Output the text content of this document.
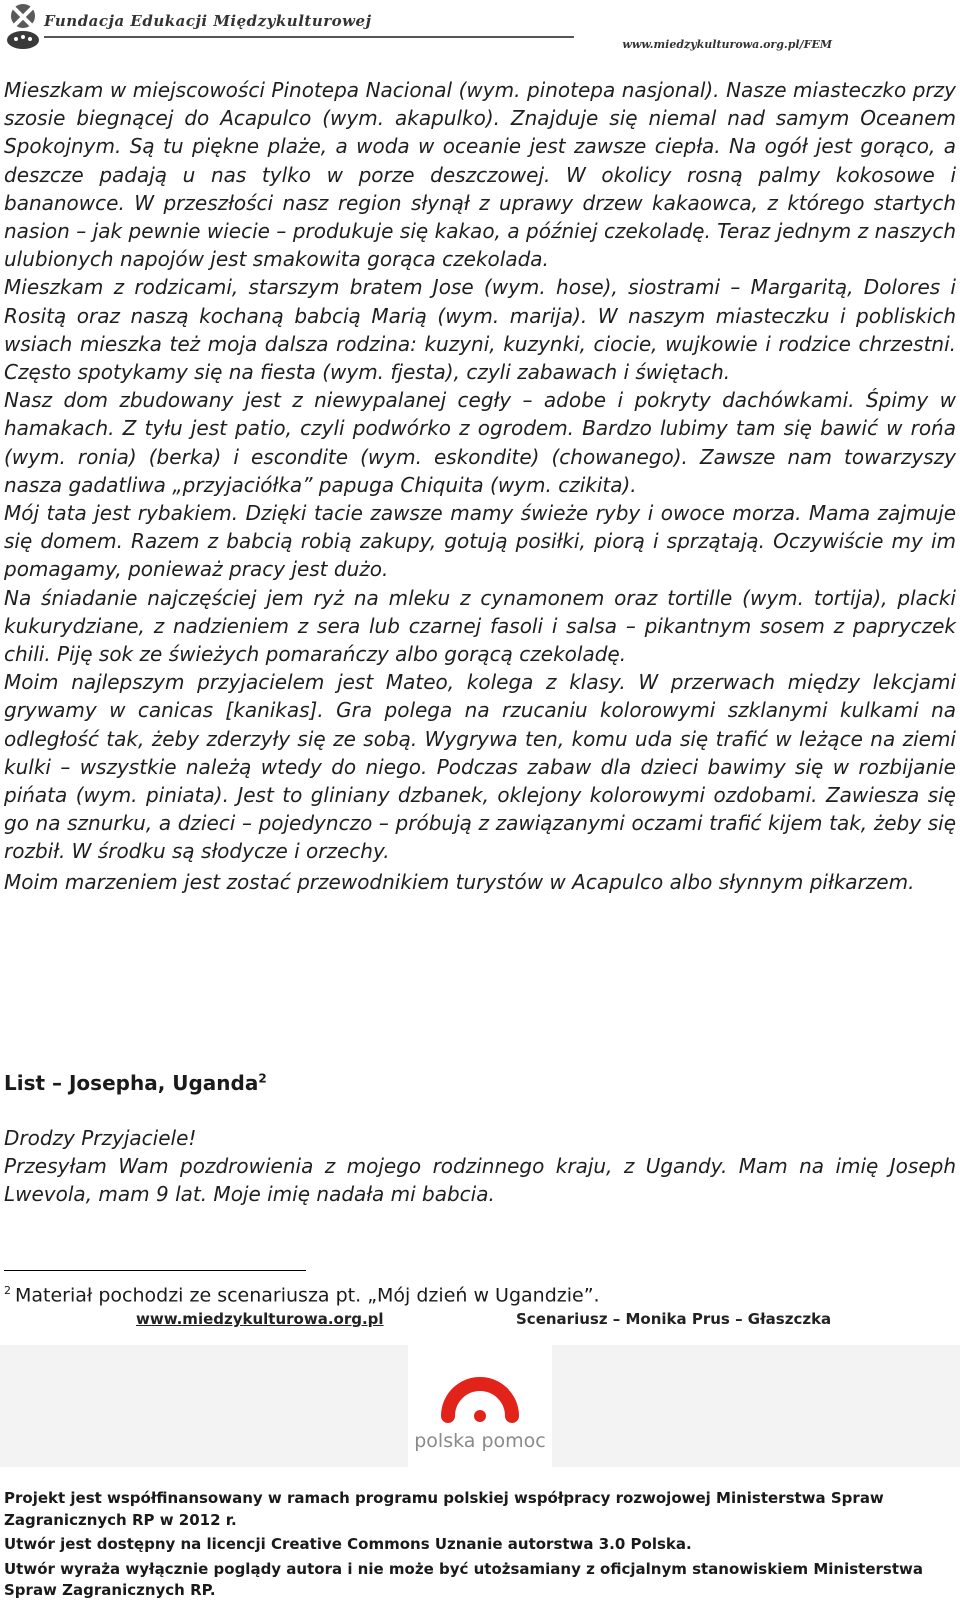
Fundacja Edukacji Międzykulturowej
www.miedzykulturowa.org.pl/FEM

Mieszkam w miejscowości Pinotepa Nacional (wym. pinotepa nasjonal). Nasze miasteczko przy szosie biegnącej do Acapulco (wym. akapulko). Znajduje się niemal nad samym Oceanem Spokojnym. Są tu piękne plaże, a woda w oceanie jest zawsze ciepła. Na ogół jest gorąco, a deszcze padają u nas tylko w porze deszczowej. W okolicy rosną palmy kokosowe i bananowce. W przeszłości nasz region słynął z uprawy drzew kakaowca, z którego startych nasion – jak pewnie wiecie – produkuje się kakao, a później czekoladę. Teraz jednym z naszych ulubionych napojów jest smakowita gorąca czekolada.

Mieszkam z rodzicami, starszym bratem Jose (wym. hose), siostrami – Margaritą, Dolores i Rositą oraz naszą kochaną babcią Marią (wym. marija). W naszym miasteczku i pobliskich wsiach mieszka też moja dalsza rodzina: kuzyni, kuzynki, ciocie, wujkowie i rodzice chrzestni. Często spotykamy się na fiesta (wym. fjesta), czyli zabawach i świętach.

Nasz dom zbudowany jest z niewypalanej cegły – adobe i pokryty dachówkami. Śpimy w hamakach. Z tyłu jest patio, czyli podwórko z ogrodem. Bardzo lubimy tam się bawić w rońa (wym. ronia) (berka) i escondite (wym. eskondite) (chowanego). Zawsze nam towarzyszy nasza gadatliwa „przyjaciółka” papuga Chiquita (wym. czikita).

Mój tata jest rybakiem. Dzięki tacie zawsze mamy świeże ryby i owoce morza. Mama zajmuje się domem. Razem z babcią robią zakupy, gotują posiłki, piorą i sprzątają. Oczywiście my im pomagamy, ponieważ pracy jest dużo.

Na śniadanie najczęściej jem ryż na mleku z cynamonem oraz tortille (wym. tortija), placki kukurydziane, z nadzieniem z sera lub czarnej fasoli i salsa – pikantnym sosem z papryczek chili. Piję sok ze świeżych pomarańczy albo gorącą czekoladę.

Moim najlepszym przyjacielem jest Mateo, kolega z klasy. W przerwach między lekcjami grywamy w canicas [kanikas]. Gra polega na rzucaniu kolorowymi szklanymi kulkami na odległość tak, żeby zderzyły się ze sobą. Wygrywa ten, komu uda się trafić w leżące na ziemi kulki – wszystkie należą wtedy do niego. Podczas zabaw dla dzieci bawimy się w rozbijanie pińata (wym. piniata). Jest to gliniany dzbanek, oklejony kolorowymi ozdobami. Zawiesza się go na sznurku, a dzieci – pojedynczo – próbują z zawiązanymi oczami trafić kijem tak, żeby się rozbił. W środku są słodycze i orzechy.

Moim marzeniem jest zostać przewodnikiem turystów w Acapulco albo słynnym piłkarzem.

List – Josepha, Uganda$^2$

Drodzy Przyjaciele!

Przesyłam Wam pozdrowienia z mojego rodzinnego kraju, z Ugandy. Mam na imię Joseph Lwevola, mam 9 lat. Moje imię nadała mi babcia.

$^2$ Materiał pochodzi ze scenariusza pt. „Mój dzień w Ugandzie”.
www.miedzykulturowa.org.pl	Scenariusz – Monika Prus – Głaszczka
polska pomoc

Projekt jest współfinansowany w ramach programu polskiej współpracy rozwojowej Ministerstwa Spraw Zagranicznych RP w 2012 r.

Utwór jest dostępny na licencji Creative Commons Uznanie autorstwa 3.0 Polska.

Utwór wyraża wyłącznie poglądy autora i nie może być utożsamiany z oficjalnym stanowiskiem Ministerstwa Spraw Zagranicznych RP.
